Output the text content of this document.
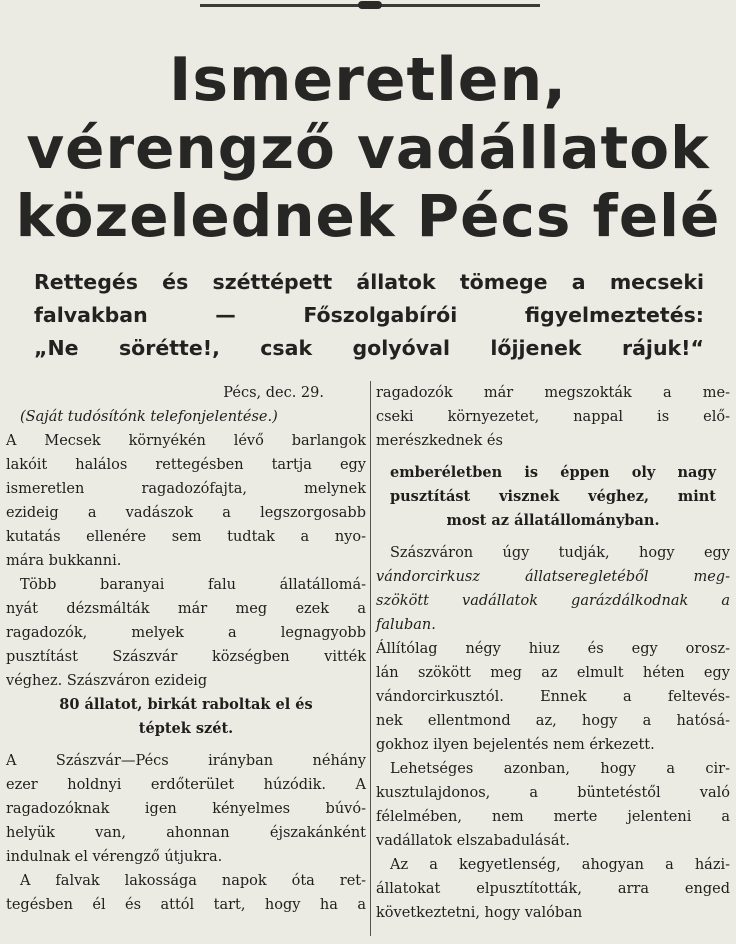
Ismeretlen,
vérengző vadállatok
közelednek Pécs felé
Rettegés és széttépett állatok tömege a mecseki
falvakban — Főszolgabírói figyelmeztetés:
„Ne sörétte!, csak golyóval lőjjenek rájuk!“
Pécs, dec. 29.
(Saját tudósítónk telefonjelentése.)
A Mecsek környékén lévő barlangok
lakóit halálos rettegésben tartja egy
ismeretlen ragadozófajta, melynek
ezideig a vadászok a legszorgosabb
kutatás ellenére sem tudtak a nyo-
mára bukkanni.
Több baranyai falu állatállomá-
nyát dézsmálták már meg ezek a
ragadozók, melyek a legnagyobb
pusztítást Szászvár községben vitték
véghez. Szászváron ezideig
80 állatot, birkát raboltak el és
téptek szét.
A Szászvár—Pécs irányban néhány
ezer holdnyi erdőterület húzódik. A
ragadozóknak igen kényelmes búvó-
helyük van, ahonnan éjszakánként
indulnak el vérengző útjukra.
A falvak lakossága napok óta ret-
tegésben él és attól tart, hogy ha a
ragadozók már megszokták a me-
cseki környezetet, nappal is elő-
merészkednek és
emberéletben is éppen oly nagy
pusztítást visznek véghez, mint
most az állatállományban.
Szászváron úgy tudják, hogy egy
vándorcirkusz állatseregletéből meg-
szökött vadállatok garázdálkodnak a
faluban.
Állítólag négy hiuz és egy orosz-
lán szökött meg az elmult héten egy
vándorcirkusztól. Ennek a feltevés-
nek ellentmond az, hogy a hatósá-
gokhoz ilyen bejelentés nem érkezett.
Lehetséges azonban, hogy a cir-
kusztulajdonos, a büntetéstől való
félelmében, nem merte jelenteni a
vadállatok elszabadulását.
Az a kegyetlenség, ahogyan a házi-
állatokat elpusztították, arra enged
következtetni, hogy valóban
